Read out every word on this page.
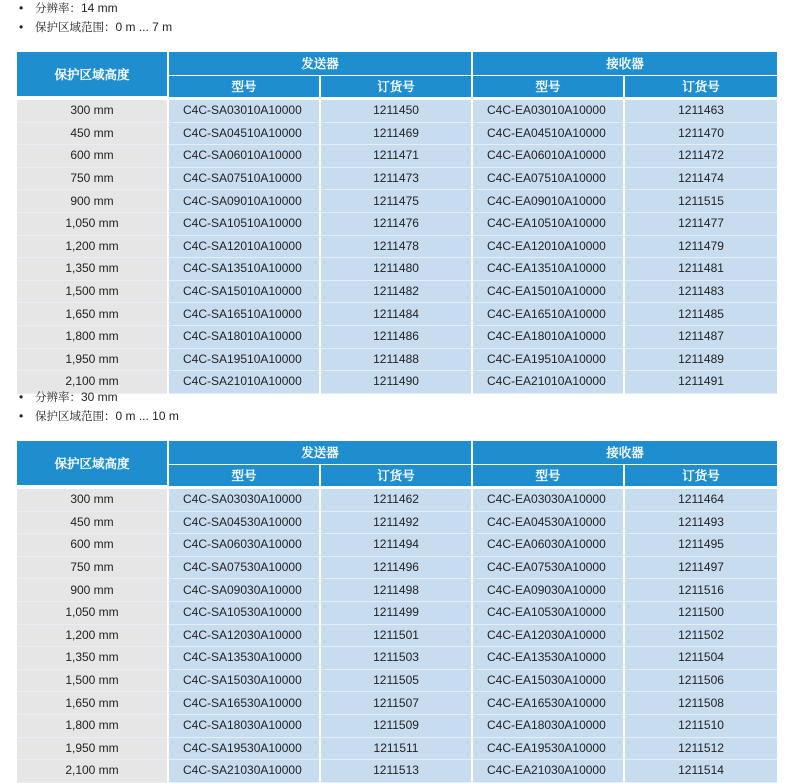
• 分辨率：14 mm
• 保护区域范围：0 m ... 7 m
保护区域高度	发送器		接收器	
	型号	订货号	型号	订货号

300 mm	C4C-SA03010A10000	1211450	C4C-EA03010A10000	1211463
450 mm	C4C-SA04510A10000	1211469	C4C-EA04510A10000	1211470
600 mm	C4C-SA06010A10000	1211471	C4C-EA06010A10000	1211472
750 mm	C4C-SA07510A10000	1211473	C4C-EA07510A10000	1211474
900 mm	C4C-SA09010A10000	1211475	C4C-EA09010A10000	1211515
1,050 mm	C4C-SA10510A10000	1211476	C4C-EA10510A10000	1211477
1,200 mm	C4C-SA12010A10000	1211478	C4C-EA12010A10000	1211479
1,350 mm	C4C-SA13510A10000	1211480	C4C-EA13510A10000	1211481
1,500 mm	C4C-SA15010A10000	1211482	C4C-EA15010A10000	1211483
1,650 mm	C4C-SA16510A10000	1211484	C4C-EA16510A10000	1211485
1,800 mm	C4C-SA18010A10000	1211486	C4C-EA18010A10000	1211487
1,950 mm	C4C-SA19510A10000	1211488	C4C-EA19510A10000	1211489
2,100 mm	C4C-SA21010A10000	1211490	C4C-EA21010A10000	1211491
• 分辨率：30 mm
• 保护区域范围：0 m ... 10 m
保护区域高度	发送器		接收器	
	型号	订货号	型号	订货号

300 mm	C4C-SA03030A10000	1211462	C4C-EA03030A10000	1211464
450 mm	C4C-SA04530A10000	1211492	C4C-EA04530A10000	1211493
600 mm	C4C-SA06030A10000	1211494	C4C-EA06030A10000	1211495
750 mm	C4C-SA07530A10000	1211496	C4C-EA07530A10000	1211497
900 mm	C4C-SA09030A10000	1211498	C4C-EA09030A10000	1211516
1,050 mm	C4C-SA10530A10000	1211499	C4C-EA10530A10000	1211500
1,200 mm	C4C-SA12030A10000	1211501	C4C-EA12030A10000	1211502
1,350 mm	C4C-SA13530A10000	1211503	C4C-EA13530A10000	1211504
1,500 mm	C4C-SA15030A10000	1211505	C4C-EA15030A10000	1211506
1,650 mm	C4C-SA16530A10000	1211507	C4C-EA16530A10000	1211508
1,800 mm	C4C-SA18030A10000	1211509	C4C-EA18030A10000	1211510
1,950 mm	C4C-SA19530A10000	1211511	C4C-EA19530A10000	1211512
2,100 mm	C4C-SA21030A10000	1211513	C4C-EA21030A10000	1211514
